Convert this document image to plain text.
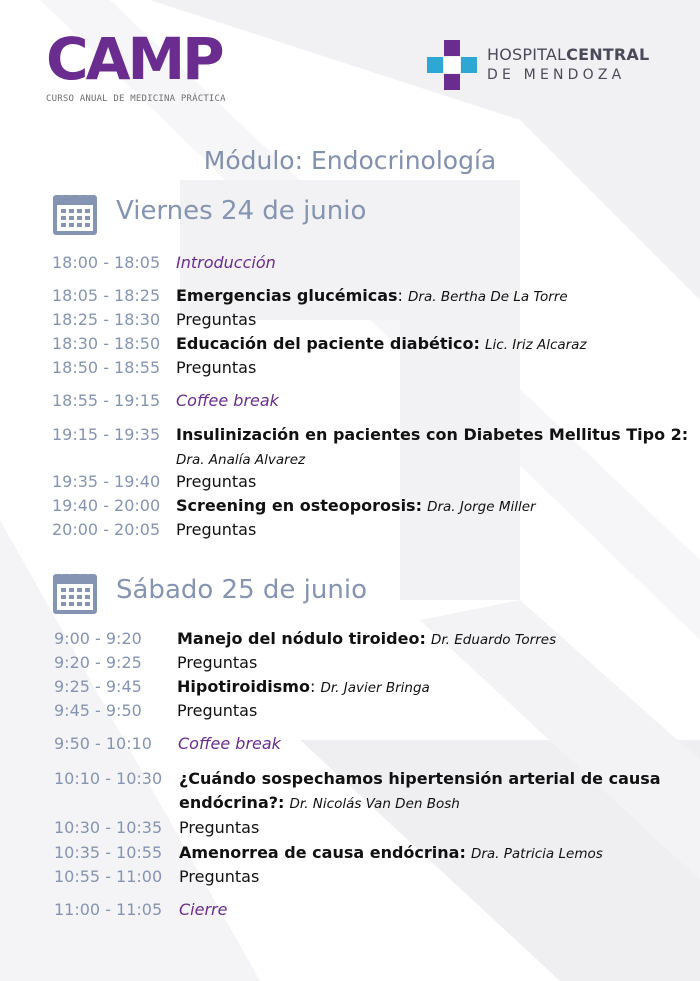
CAMP
CURSO ANUAL DE MEDICINA PRÁCTICA
HOSPITALCENTRAL
DE MENDOZA
Módulo: Endocrinología
Viernes 24 de junio
18:00 - 18:05 Introducción
18:05 - 18:25 Emergencias glucémicas: Dra. Bertha De La Torre
18:25 - 18:30 Preguntas
18:30 - 18:50 Educación del paciente diabético: Lic. Iriz Alcaraz
18:50 - 18:55 Preguntas
18:55 - 19:15 Coffee break
19:15 - 19:35 Insulinización en pacientes con Diabetes Mellitus Tipo 2:
Dra. Analía Alvarez
19:35 - 19:40 Preguntas
19:40 - 20:00 Screening en osteoporosis: Dra. Jorge Miller
20:00 - 20:05 Preguntas
Sábado 25 de junio
9:00 - 9:20 Manejo del nódulo tiroideo: Dr. Eduardo Torres
9:20 - 9:25 Preguntas
9:25 - 9:45 Hipotiroidismo: Dr. Javier Bringa
9:45 - 9:50 Preguntas
9:50 - 10:10 Coffee break
10:10 - 10:30 ¿Cuándo sospechamos hipertensión arterial de causa
endócrina?: Dr. Nicolás Van Den Bosh
10:30 - 10:35 Preguntas
10:35 - 10:55 Amenorrea de causa endócrina: Dra. Patricia Lemos
10:55 - 11:00 Preguntas
11:00 - 11:05 Cierre
